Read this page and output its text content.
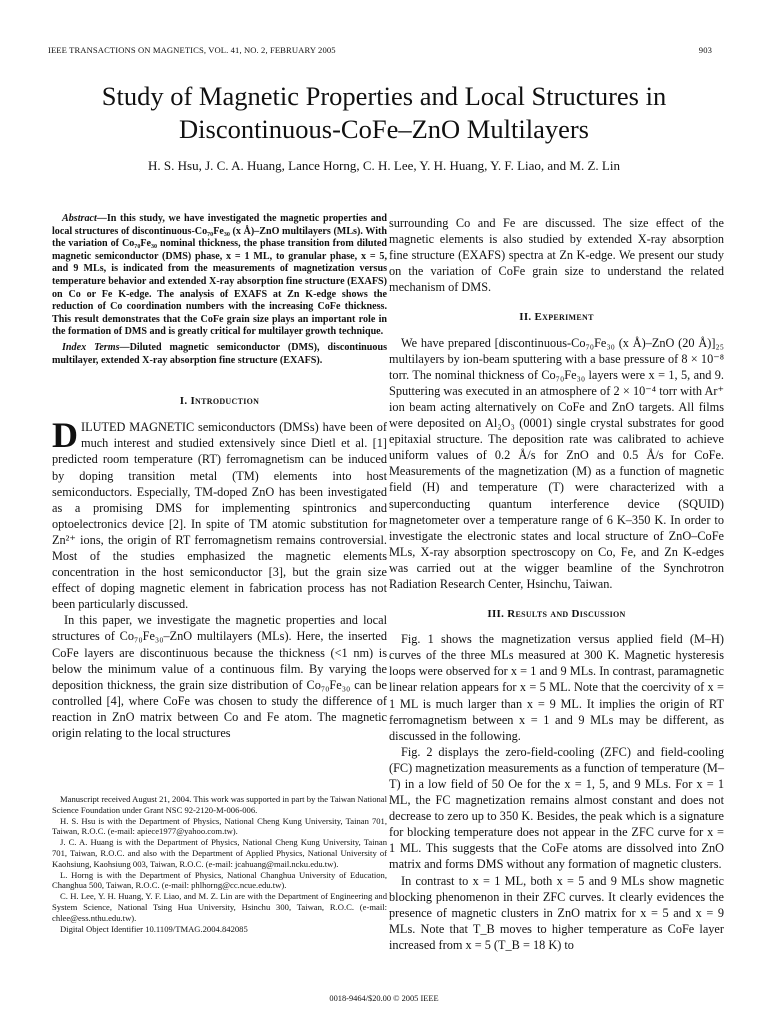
IEEE TRANSACTIONS ON MAGNETICS, VOL. 41, NO. 2, FEBRUARY 2005	903
Study of Magnetic Properties and Local Structures in
Discontinuous-CoFe–ZnO Multilayers
H. S. Hsu, J. C. A. Huang, Lance Horng, C. H. Lee, Y. H. Huang, Y. F. Liao, and M. Z. Lin

Abstract—In this study, we have investigated the magnetic properties and local structures of discontinuous-Co₇₀Fe₃₀ (x Å)–ZnO multilayers (MLs). With the variation of Co₇₀Fe₃₀ nominal thickness, the phase transition from diluted magnetic semiconductor (DMS) phase, x = 1 ML, to granular phase, x = 5, and 9 MLs, is indicated from the measurements of magnetization versus temperature behavior and extended X-ray absorption fine structure (EXAFS) on Co or Fe K-edge. The analysis of EXAFS at Zn K-edge shows the reduction of Co coordination numbers with the increasing CoFe thickness. This result demonstrates that the CoFe grain size plays an important role in the formation of DMS and is greatly critical for multilayer growth technique.

Index Terms—Diluted magnetic semiconductor (DMS), discontinuous multilayer, extended X-ray absorption fine structure (EXAFS).

I. Introduction

DILUTED MAGNETIC semiconductors (DMSs) have been of much interest and studied extensively since Dietl et al. [1] predicted room temperature (RT) ferromagnetism can be induced by doping transition metal (TM) elements into host semiconductors. Especially, TM-doped ZnO has been investigated as a promising DMS for implementing spintronics and optoelectronics device [2]. In spite of TM atomic substitution for Zn²⁺ ions, the origin of RT ferromagnetism remains controversial. Most of the studies emphasized the magnetic elements concentration in the host semiconductor [3], but the grain size effect of doping magnetic element in fabrication process has not been particularly discussed.

In this paper, we investigate the magnetic properties and local structures of Co₇₀Fe₃₀–ZnO multilayers (MLs). Here, the inserted CoFe layers are discontinuous because the thickness (<1 nm) is below the minimum value of a continuous film. By varying the deposition thickness, the grain size distribution of Co₇₀Fe₃₀ can be controlled [4], where CoFe was chosen to study the difference of reaction in ZnO matrix between Co and Fe atom. The magnetic origin relating to the local structures

Manuscript received August 21, 2004. This work was supported in part by the Taiwan National Science Foundation under Grant NSC 92-2120-M-006-006.

H. S. Hsu is with the Department of Physics, National Cheng Kung University, Tainan 701, Taiwan, R.O.C. (e-mail: apiece1977@yahoo.com.tw).

J. C. A. Huang is with the Department of Physics, National Cheng Kung University, Tainan 701, Taiwan, R.O.C. and also with the Department of Applied Physics, National University of Kaohsiung, Kaohsiung 003, Taiwan, R.O.C. (e-mail: jcahuang@mail.ncku.edu.tw).

L. Horng is with the Department of Physics, National Changhua University of Education, Changhua 500, Taiwan, R.O.C. (e-mail: phlhorng@cc.ncue.edu.tw).

C. H. Lee, Y. H. Huang, Y. F. Liao, and M. Z. Lin are with the Department of Engineering and System Science, National Tsing Hua University, Hsinchu 300, Taiwan, R.O.C. (e-mail: chlee@ess.nthu.edu.tw).

Digital Object Identifier 10.1109/TMAG.2004.842085

surrounding Co and Fe are discussed. The size effect of the magnetic elements is also studied by extended X-ray absorption fine structure (EXAFS) spectra at Zn K-edge. We present our study on the variation of CoFe grain size to understand the related mechanism of DMS.

II. Experiment

We have prepared [discontinuous-Co₇₀Fe₃₀ (x Å)–ZnO (20 Å)]₂₅ multilayers by ion-beam sputtering with a base pressure of 8 × 10⁻⁸ torr. The nominal thickness of Co₇₀Fe₃₀ layers were x = 1, 5, and 9. Sputtering was executed in an atmosphere of 2 × 10⁻⁴ torr with Ar⁺ ion beam acting alternatively on CoFe and ZnO targets. All films were deposited on Al₂O₃ (0001) single crystal substrates for good epitaxial structure. The deposition rate was calibrated to achieve uniform values of 0.2 Å/s for ZnO and 0.5 Å/s for CoFe. Measurements of the magnetization (M) as a function of magnetic field (H) and temperature (T) were characterized with a superconducting quantum interference device (SQUID) magnetometer over a temperature range of 6 K–350 K. In order to investigate the electronic states and local structure of ZnO–CoFe MLs, X-ray absorption spectroscopy on Co, Fe, and Zn K-edges was carried out at the wigger beamline of the Synchrotron Radiation Research Center, Hsinchu, Taiwan.

III. Results and Discussion

Fig. 1 shows the magnetization versus applied field (M–H) curves of the three MLs measured at 300 K. Magnetic hysteresis loops were observed for x = 1 and 9 MLs. In contrast, paramagnetic linear relation appears for x = 5 ML. Note that the coercivity of x = 1 ML is much larger than x = 9 ML. It implies the origin of RT ferromagnetism between x = 1 and 9 MLs may be different, as discussed in the following.

Fig. 2 displays the zero-field-cooling (ZFC) and field-cooling (FC) magnetization measurements as a function of temperature (M–T) in a low field of 50 Oe for the x = 1, 5, and 9 MLs. For x = 1 ML, the FC magnetization remains almost constant and does not decrease to zero up to 350 K. Besides, the peak which is a signature for blocking temperature does not appear in the ZFC curve for x = 1 ML. This suggests that the CoFe atoms are dissolved into ZnO matrix and forms DMS without any formation of magnetic clusters.

In contrast to x = 1 ML, both x = 5 and 9 MLs show magnetic blocking phenomenon in their ZFC curves. It clearly evidences the presence of magnetic clusters in ZnO matrix for x = 5 and x = 9 MLs. Note that T_B moves to higher temperature as CoFe layer increased from x = 5 (T_B = 18 K) to

0018-9464/$20.00 © 2005 IEEE
